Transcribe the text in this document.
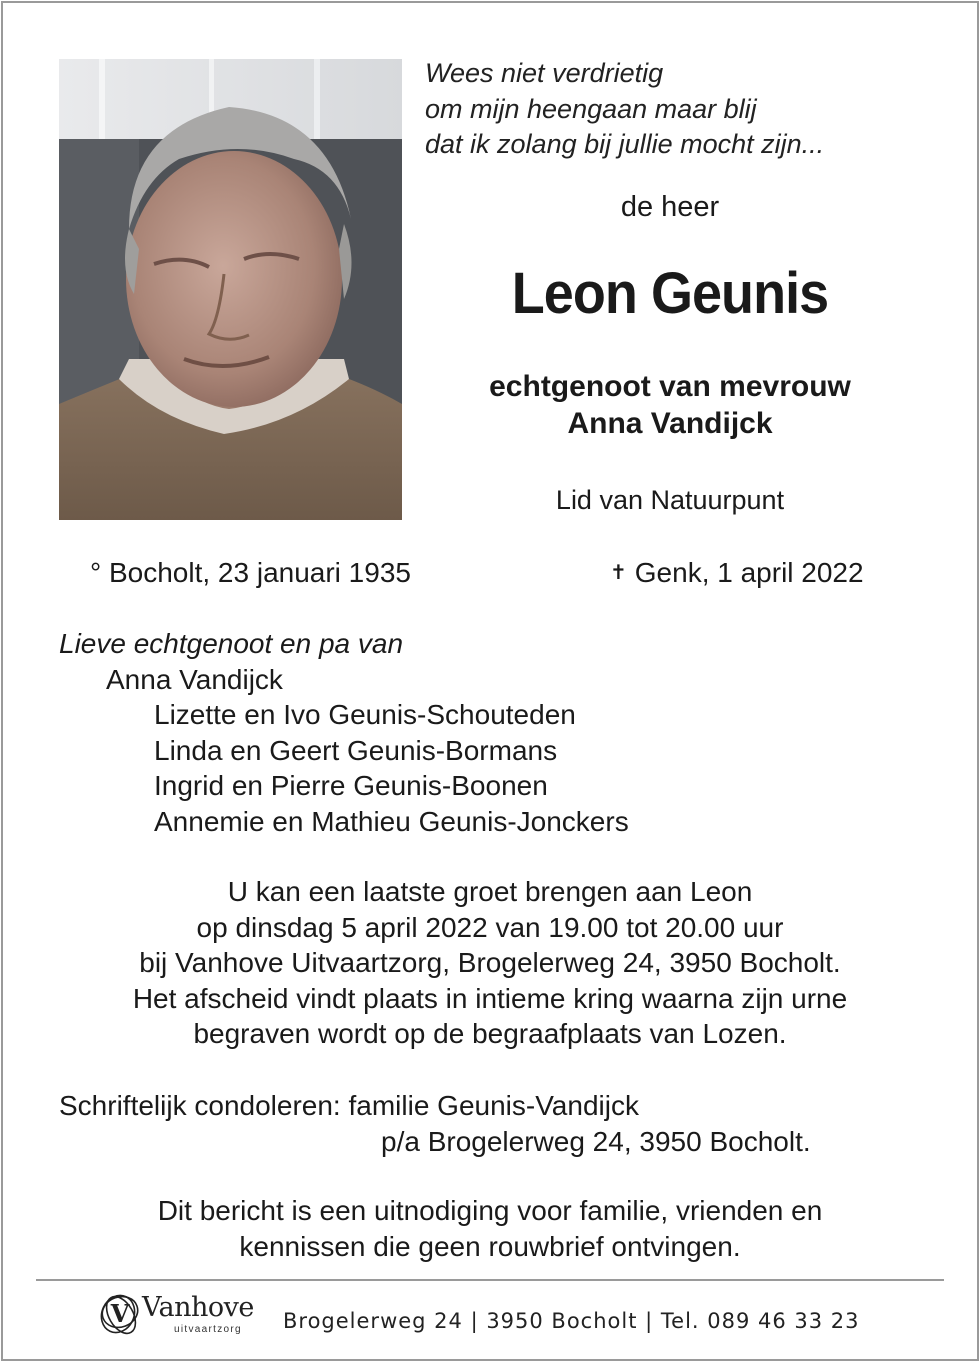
Wees niet verdrietig
om mijn heengaan maar blij
dat ik zolang bij jullie mocht zijn...
de heer
Leon Geunis
echtgenoot van mevrouw
Anna Vandijck
Lid van Natuurpunt
° Bocholt, 23 januari 1935	✝ Genk, 1 april 2022
Lieve echtgenoot en pa van
Anna Vandijck
Lizette en Ivo Geunis-Schouteden
Linda en Geert Geunis-Bormans
Ingrid en Pierre Geunis-Boonen
Annemie en Mathieu Geunis-Jonckers
U kan een laatste groet brengen aan Leon
op dinsdag 5 april 2022 van 19.00 tot 20.00 uur
bij Vanhove Uitvaartzorg, Brogelerweg 24, 3950 Bocholt.
Het afscheid vindt plaats in intieme kring waarna zijn urne
begraven wordt op de begraafplaats van Lozen.
Schriftelijk condoleren: familie Geunis-Vandijck
p/a Brogelerweg 24, 3950 Bocholt.
Dit bericht is een uitnodiging voor familie, vrienden en
kennissen die geen rouwbrief ontvingen.
V Vanhove
uitvaartzorg Brogelerweg 24 | 3950 Bocholt | Tel. 089 46 33 23
